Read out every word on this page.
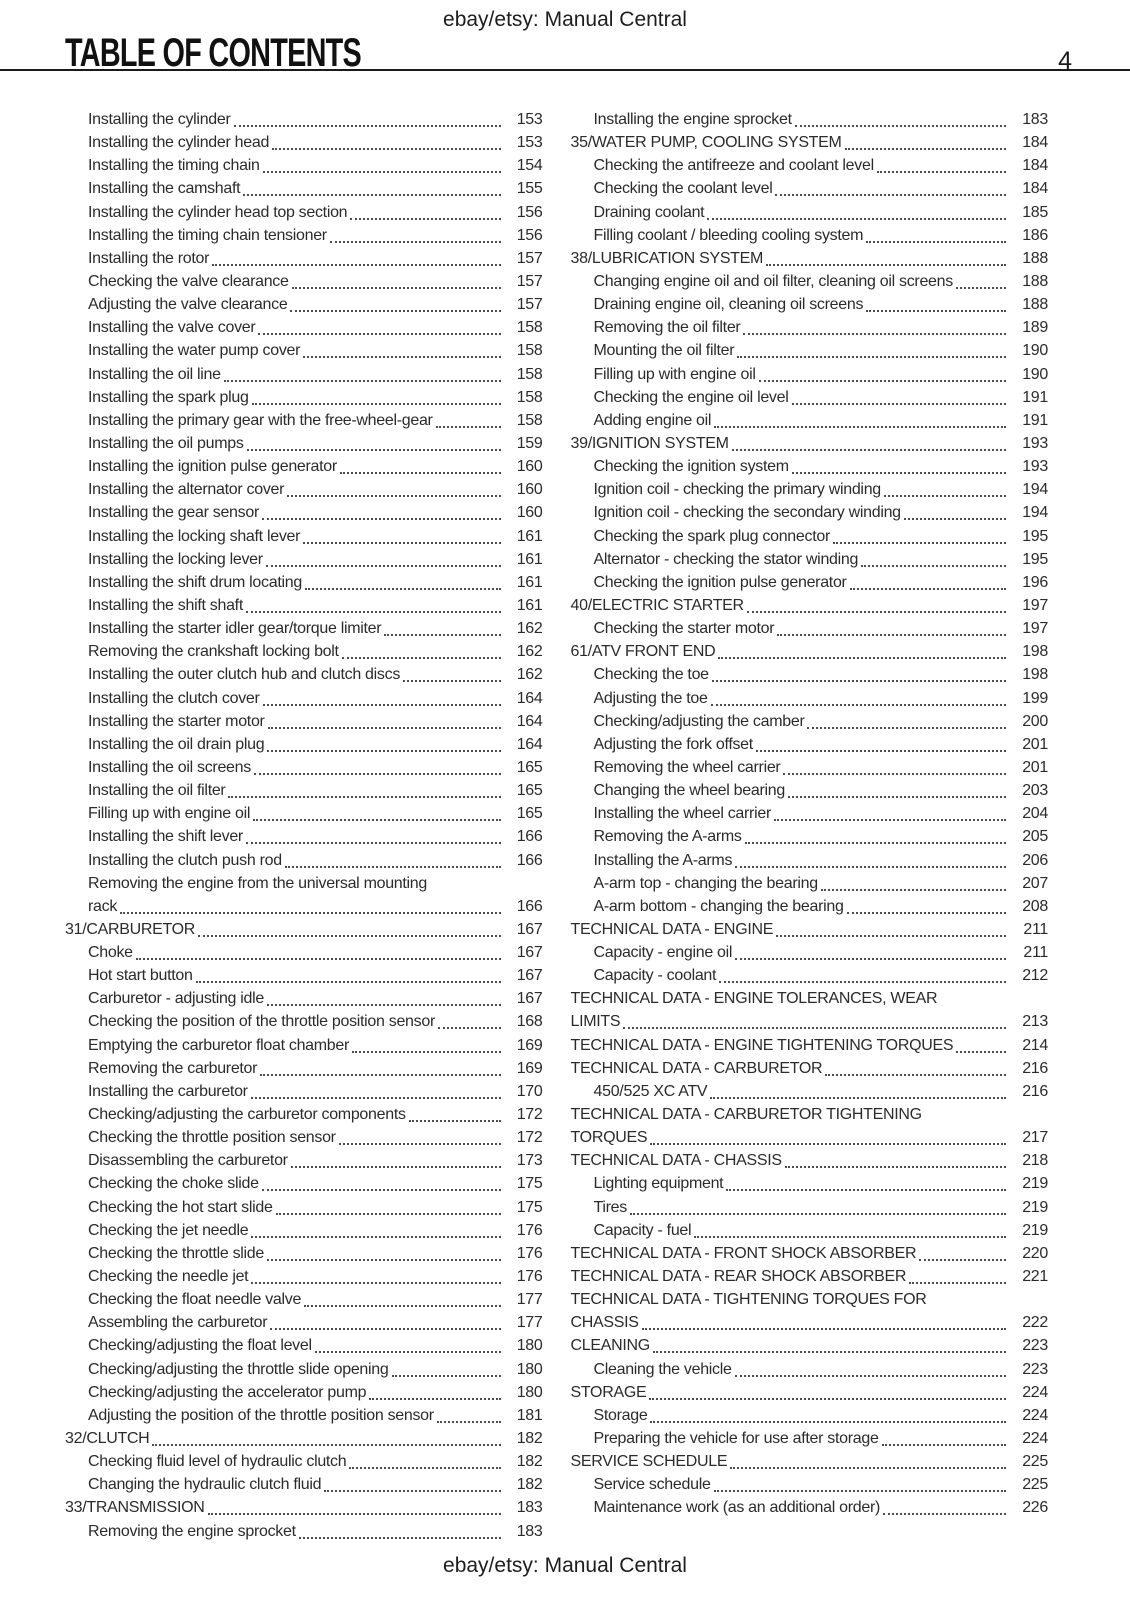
ebay/etsy: Manual Central
TABLE OF CONTENTS	4
Installing the cylinder	153
Installing the cylinder head	153
Installing the timing chain	154
Installing the camshaft	155
Installing the cylinder head top section	156
Installing the timing chain tensioner	156
Installing the rotor	157
Checking the valve clearance	157
Adjusting the valve clearance	157
Installing the valve cover	158
Installing the water pump cover	158
Installing the oil line	158
Installing the spark plug	158
Installing the primary gear with the free-wheel-gear	158
Installing the oil pumps	159
Installing the ignition pulse generator	160
Installing the alternator cover	160
Installing the gear sensor	160
Installing the locking shaft lever	161
Installing the locking lever	161
Installing the shift drum locating	161
Installing the shift shaft	161
Installing the starter idler gear/torque limiter	162
Removing the crankshaft locking bolt	162
Installing the outer clutch hub and clutch discs	162
Installing the clutch cover	164
Installing the starter motor	164
Installing the oil drain plug	164
Installing the oil screens	165
Installing the oil filter	165
Filling up with engine oil	165
Installing the shift lever	166
Installing the clutch push rod	166
Removing the engine from the universal mounting
rack	166
31/CARBURETOR	167
Choke	167
Hot start button	167
Carburetor - adjusting idle	167
Checking the position of the throttle position sensor	168
Emptying the carburetor float chamber	169
Removing the carburetor	169
Installing the carburetor	170
Checking/adjusting the carburetor components	172
Checking the throttle position sensor	172
Disassembling the carburetor	173
Checking the choke slide	175
Checking the hot start slide	175
Checking the jet needle	176
Checking the throttle slide	176
Checking the needle jet	176
Checking the float needle valve	177
Assembling the carburetor	177
Checking/adjusting the float level	180
Checking/adjusting the throttle slide opening	180
Checking/adjusting the accelerator pump	180
Adjusting the position of the throttle position sensor	181
32/CLUTCH	182
Checking fluid level of hydraulic clutch	182
Changing the hydraulic clutch fluid	182
33/TRANSMISSION	183
Removing the engine sprocket	183
Installing the engine sprocket	183
35/WATER PUMP, COOLING SYSTEM	184
Checking the antifreeze and coolant level	184
Checking the coolant level	184
Draining coolant	185
Filling coolant / bleeding cooling system	186
38/LUBRICATION SYSTEM	188
Changing engine oil and oil filter, cleaning oil screens	188
Draining engine oil, cleaning oil screens	188
Removing the oil filter	189
Mounting the oil filter	190
Filling up with engine oil	190
Checking the engine oil level	191
Adding engine oil	191
39/IGNITION SYSTEM	193
Checking the ignition system	193
Ignition coil - checking the primary winding	194
Ignition coil - checking the secondary winding	194
Checking the spark plug connector	195
Alternator - checking the stator winding	195
Checking the ignition pulse generator	196
40/ELECTRIC STARTER	197
Checking the starter motor	197
61/ATV FRONT END	198
Checking the toe	198
Adjusting the toe	199
Checking/adjusting the camber	200
Adjusting the fork offset	201
Removing the wheel carrier	201
Changing the wheel bearing	203
Installing the wheel carrier	204
Removing the A-arms	205
Installing the A-arms	206
A-arm top - changing the bearing	207
A-arm bottom - changing the bearing	208
TECHNICAL DATA - ENGINE	211
Capacity - engine oil	211
Capacity - coolant	212
TECHNICAL DATA - ENGINE TOLERANCES, WEAR
LIMITS	213
TECHNICAL DATA - ENGINE TIGHTENING TORQUES	214
TECHNICAL DATA - CARBURETOR	216
450/525 XC ATV	216
TECHNICAL DATA - CARBURETOR TIGHTENING
TORQUES	217
TECHNICAL DATA - CHASSIS	218
Lighting equipment	219
Tires	219
Capacity - fuel	219
TECHNICAL DATA - FRONT SHOCK ABSORBER	220
TECHNICAL DATA - REAR SHOCK ABSORBER	221
TECHNICAL DATA - TIGHTENING TORQUES FOR
CHASSIS	222
CLEANING	223
Cleaning the vehicle	223
STORAGE	224
Storage	224
Preparing the vehicle for use after storage	224
SERVICE SCHEDULE	225
Service schedule	225
Maintenance work (as an additional order)	226
ebay/etsy: Manual Central
